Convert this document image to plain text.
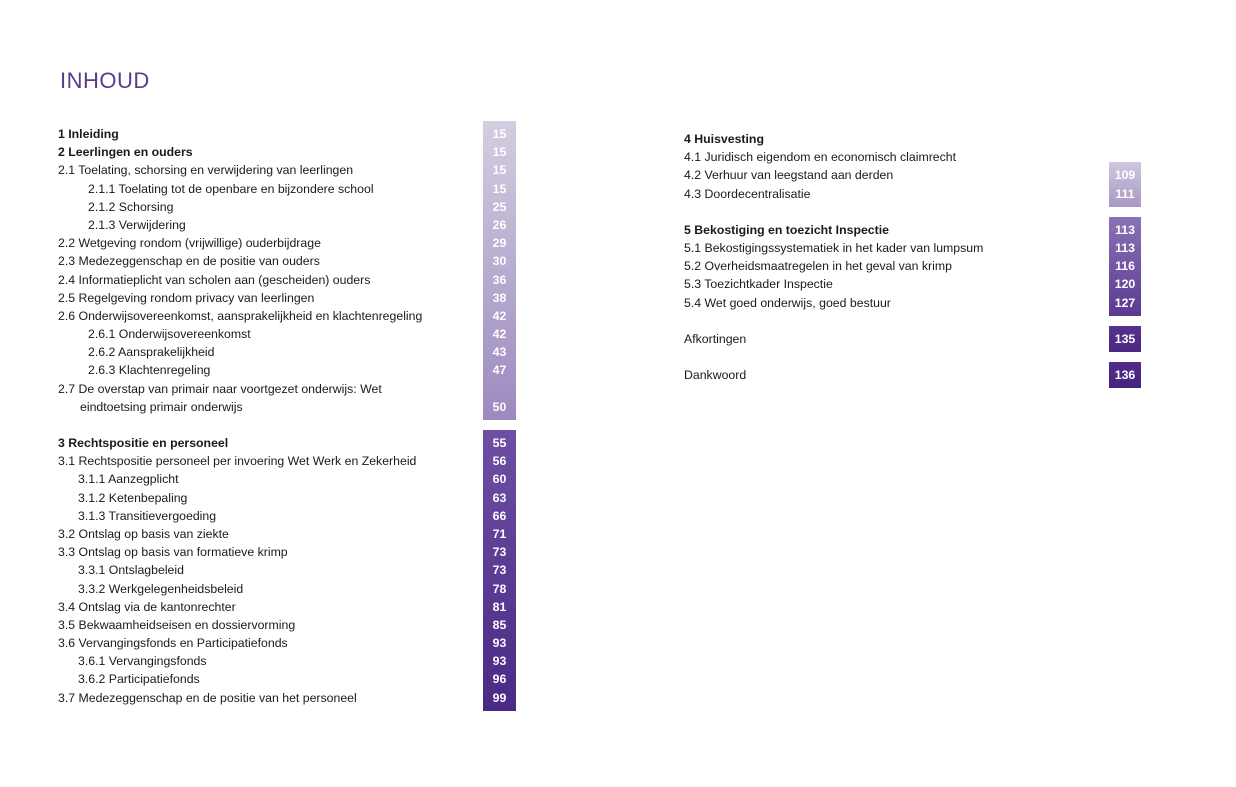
INHOUD
1 Inleiding	15
2 Leerlingen en ouders	15
2.1 Toelating, schorsing en verwijdering van leerlingen	15
2.1.1 Toelating tot de openbare en bijzondere school	15
2.1.2 Schorsing	25
2.1.3 Verwijdering	26
2.2 Wetgeving rondom (vrijwillige) ouderbijdrage	29
2.3 Medezeggenschap en de positie van ouders	30
2.4 Informatieplicht van scholen aan (gescheiden) ouders	36
2.5 Regelgeving rondom privacy van leerlingen	38
2.6 Onderwijsovereenkomst, aansprakelijkheid en klachtenregeling	42
2.6.1 Onderwijsovereenkomst	42
2.6.2 Aansprakelijkheid	43
2.6.3 Klachtenregeling	47
2.7 De overstap van primair naar voortgezet onderwijs: Wet
eindtoetsing primair onderwijs	50
3 Rechtspositie en personeel	55
3.1 Rechtspositie personeel per invoering Wet Werk en Zekerheid	56
3.1.1 Aanzegplicht	60
3.1.2 Ketenbepaling	63
3.1.3 Transitievergoeding	66
3.2 Ontslag op basis van ziekte	71
3.3 Ontslag op basis van formatieve krimp	73
3.3.1 Ontslagbeleid	73
3.3.2 Werkgelegenheidsbeleid	78
3.4 Ontslag via de kantonrechter	81
3.5 Bekwaamheidseisen en dossiervorming	85
3.6 Vervangingsfonds en Participatiefonds	93
3.6.1 Vervangingsfonds	93
3.6.2 Participatiefonds	96
3.7 Medezeggenschap en de positie van het personeel	99
4 Huisvesting
4.1 Juridisch eigendom en economisch claimrecht
4.2 Verhuur van leegstand aan derden	109
4.3 Doordecentralisatie	111
5 Bekostiging en toezicht Inspectie	113
5.1 Bekostigingssystematiek in het kader van lumpsum	113
5.2 Overheidsmaatregelen in het geval van krimp	116
5.3 Toezichtkader Inspectie	120
5.4 Wet goed onderwijs, goed bestuur	127
Afkortingen	135
Dankwoord	136
